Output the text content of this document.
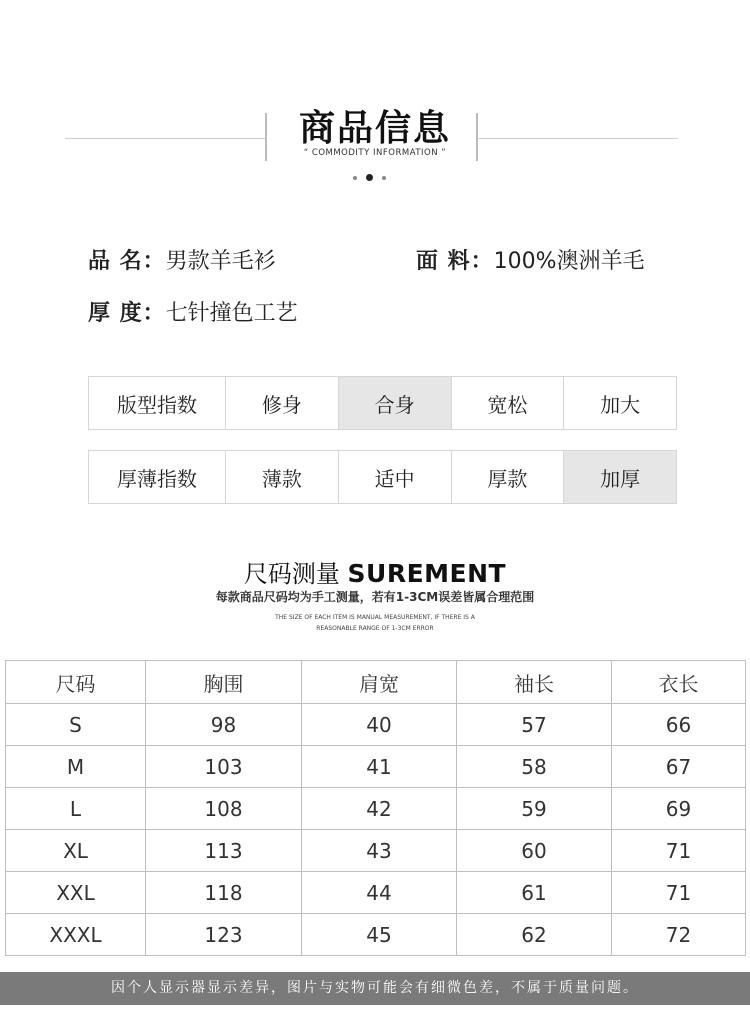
商品信息
“ COMMODITY INFORMATION ”
品 名：男款羊毛衫	面 料：100%澳洲羊毛
厚 度：七针撞色工艺
版型指数	修身	合身	宽松	加大
厚薄指数	薄款	适中	厚款	加厚
尺码测量 SUREMENT
每款商品尺码均为手工测量，若有1-3CM误差皆属合理范围
THE SIZE OF EACH ITEM IS MANUAL MEASUREMENT, IF THERE IS A
REASONABLE RANGE OF 1-3CM ERROR
尺码	胸围	肩宽	袖长	衣长
S	98	40	57	66
M	103	41	58	67
L	108	42	59	69
XL	113	43	60	71
XXL	118	44	61	71
XXXL	123	45	62	72
因个人显示器显示差异，图片与实物可能会有细微色差，不属于质量问题。
